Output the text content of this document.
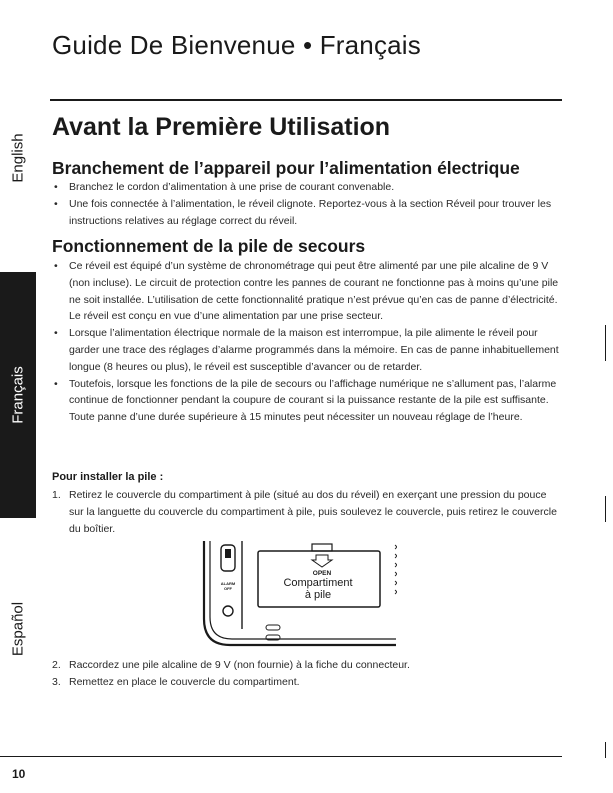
Guide De Bienvenue • Français
English
Français
Español
Avant la Première Utilisation
Branchement de l’appareil pour l’alimentation électrique
• Branchez le cordon d’alimentation à une prise de courant convenable.
• Une fois connectée à l’alimentation, le réveil clignote. Reportez-vous à la section Réveil pour trouver les instructions relatives au réglage correct du réveil.
Fonctionnement de la pile de secours
• Ce réveil est équipé d’un système de chronométrage qui peut être alimenté par une pile alcaline de 9 V (non incluse). Le circuit de protection contre les pannes de courant ne fonctionne pas à moins qu’une pile ne soit installée. L’utilisation de cette fonctionnalité pratique n’est prévue qu’en cas de panne d’électricité. Le réveil est conçu en vue d’une alimentation par une prise secteur.
• Lorsque l’alimentation électrique normale de la maison est interrompue, la pile alimente le réveil pour garder une trace des réglages d’alarme programmés dans la mémoire. En cas de panne inhabituellement longue (8 heures ou plus), le réveil est susceptible d’avancer ou de retarder.
• Toutefois, lorsque les fonctions de la pile de secours ou l’affichage numérique ne s’allument pas, l’alarme continue de fonctionner pendant la coupure de courant si la puissance restante de la pile est suffisante. Toute panne d’une durée supérieure à 15 minutes peut nécessiter un nouveau réglage de l’heure.
Pour installer la pile :
1. Retirez le couvercle du compartiment à pile (situé au dos du réveil) en exerçant une pression du pouce sur la languette du couvercle du compartiment à pile, puis soulevez le couvercle, puis retirez le couvercle du boîtier.
OPEN
Compartiment
à pile
ALARM
OFF
2. Raccordez une pile alcaline de 9 V (non fournie) à la fiche du connecteur.
3. Remettez en place le couvercle du compartiment.
10
